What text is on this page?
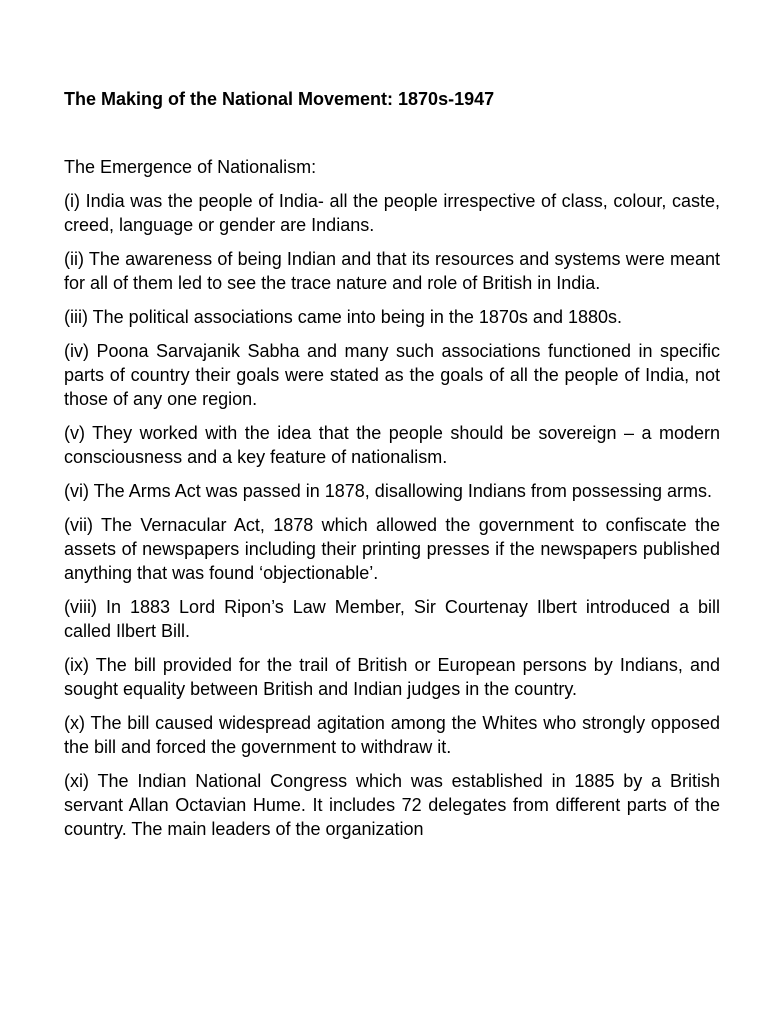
The Making of the National Movement: 1870s-1947

The Emergence of Nationalism:

(i) India was the people of India- all the people irrespective of class, colour, caste, creed, language or gender are Indians.

(ii) The awareness of being Indian and that its resources and systems were meant for all of them led to see the trace nature and role of British in India.

(iii) The political associations came into being in the 1870s and 1880s.

(iv) Poona Sarvajanik Sabha and many such associations functioned in specific parts of country their goals were stated as the goals of all the people of India, not those of any one region.

(v) They worked with the idea that the people should be sovereign – a modern consciousness and a key feature of nationalism.

(vi) The Arms Act was passed in 1878, disallowing Indians from possessing arms.

(vii) The Vernacular Act, 1878 which allowed the government to confiscate the assets of newspapers including their printing presses if the newspapers published anything that was found ‘objectionable’.

(viii) In 1883 Lord Ripon’s Law Member, Sir Courtenay Ilbert introduced a bill called Ilbert Bill.

(ix) The bill provided for the trail of British or European persons by Indians, and sought equality between British and Indian judges in the country.

(x) The bill caused widespread agitation among the Whites who strongly opposed the bill and forced the government to withdraw it.

(xi) The Indian National Congress which was established in 1885 by a British servant Allan Octavian Hume. It includes 72 delegates from different parts of the country. The main leaders of the organization
